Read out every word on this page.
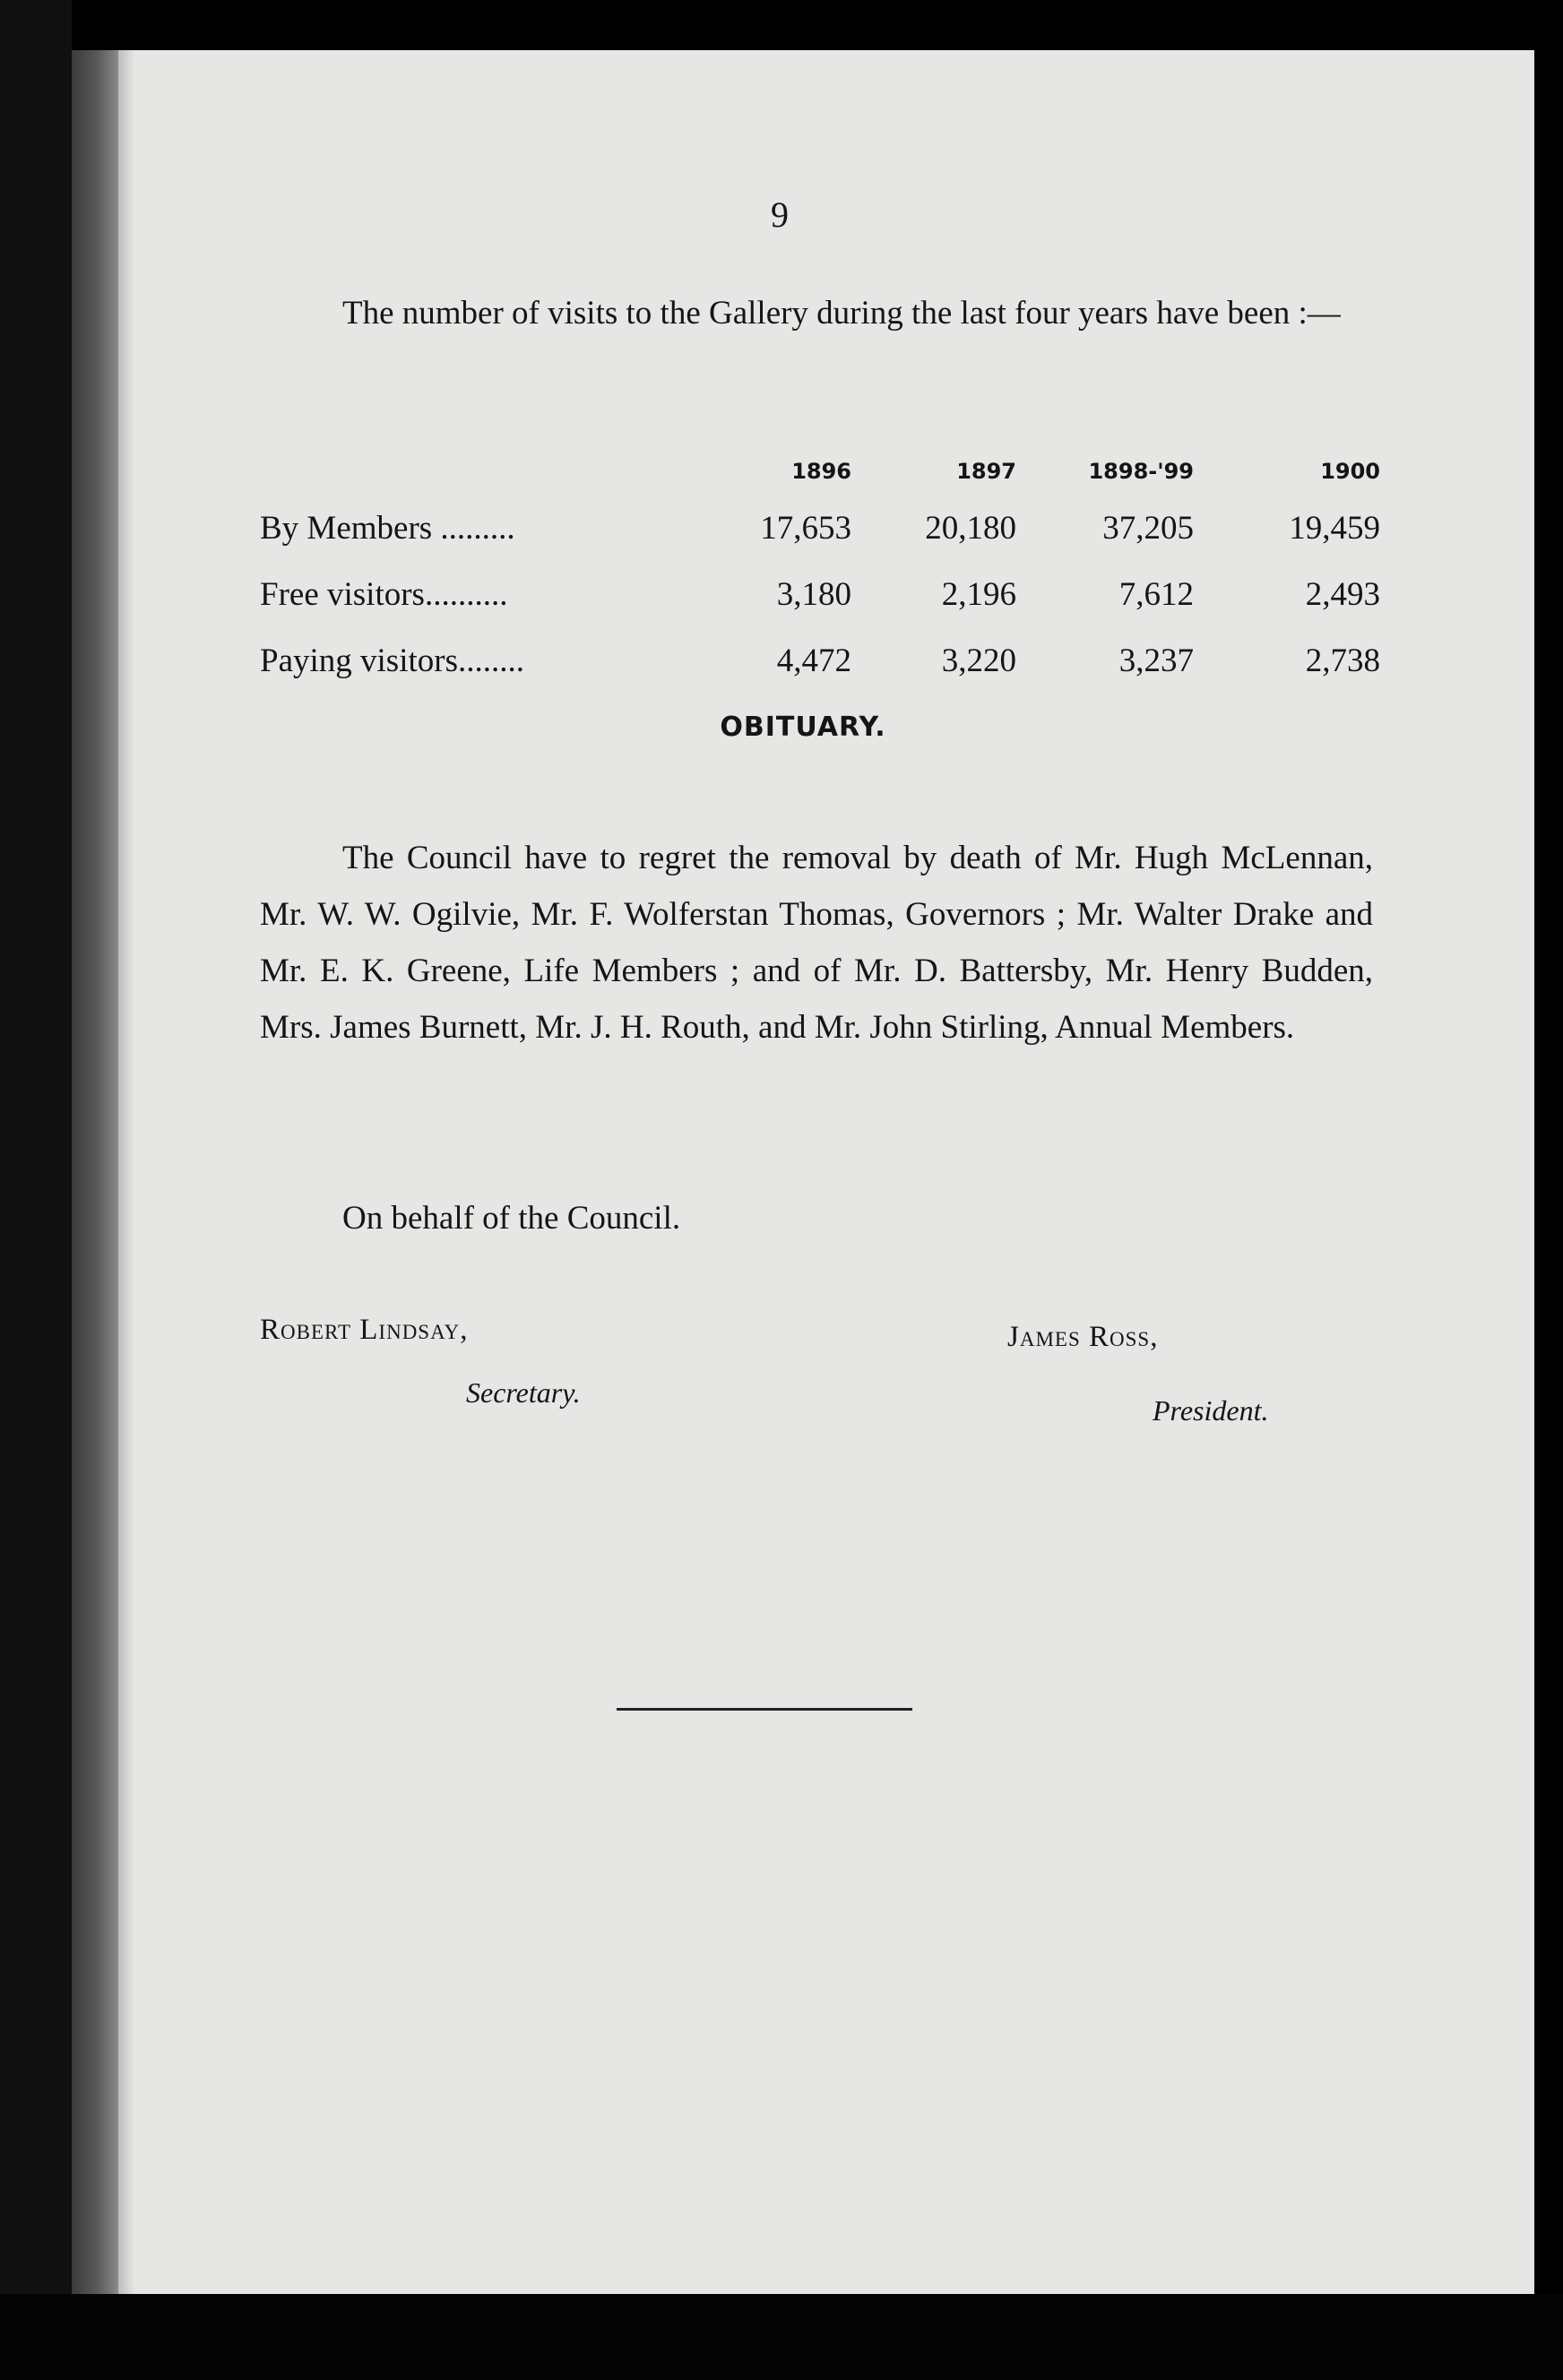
9

The number of visits to the Gallery during the last four years have been :—

	1896	1897	1898-'99	1900
By Members .........	17,653	20,180	37,205	19,459
Free visitors..........	3,180	2,196	7,612	2,493
Paying visitors........	4,472	3,220	3,237	2,738
OBITUARY.

The Council have to regret the removal by death of Mr. Hugh McLennan, Mr. W. W. Ogilvie, Mr. F. Wolferstan Thomas, Governors ; Mr. Walter Drake and Mr. E. K. Greene, Life Members ; and of Mr. D. Battersby, Mr. Henry Budden, Mrs. James Burnett, Mr. J. H. Routh, and Mr. John Stirling, Annual Members.

On behalf of the Council.

Robert Lindsay,
Secretary.
James Ross,
President.
